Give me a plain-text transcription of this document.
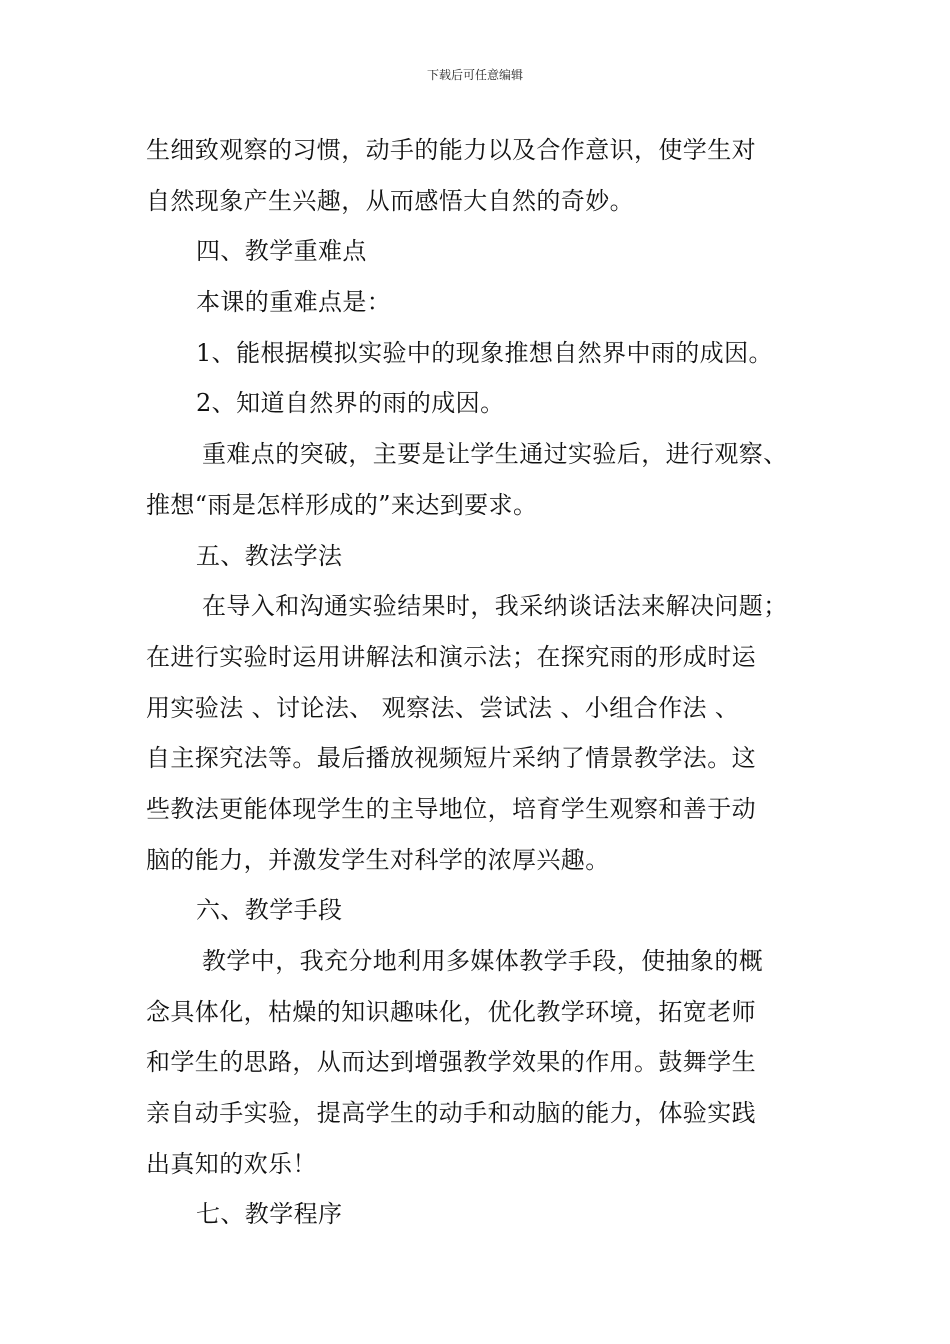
下载后可任意编辑
生细致观察的习惯，动手的能力以及合作意识，使学生对
自然现象产生兴趣，从而感悟大自然的奇妙。
四、教学重难点
本课的重难点是：
1、能根据模拟实验中的现象推想自然界中雨的成因。
2、知道自然界的雨的成因。
重难点的突破，主要是让学生通过实验后，进行观察、
推想“雨是怎样形成的”来达到要求。
五、教法学法
在导入和沟通实验结果时，我采纳谈话法来解决问题；
在进行实验时运用讲解法和演示法；在探究雨的形成时运
用实验法 、讨论法、 观察法、尝试法 、小组合作法 、
自主探究法等。最后播放视频短片采纳了情景教学法。这
些教法更能体现学生的主导地位，培育学生观察和善于动
脑的能力，并激发学生对科学的浓厚兴趣。
六、教学手段
教学中，我充分地利用多媒体教学手段，使抽象的概
念具体化，枯燥的知识趣味化，优化教学环境，拓宽老师
和学生的思路，从而达到增强教学效果的作用。鼓舞学生
亲自动手实验，提高学生的动手和动脑的能力，体验实践
出真知的欢乐！
七、教学程序
